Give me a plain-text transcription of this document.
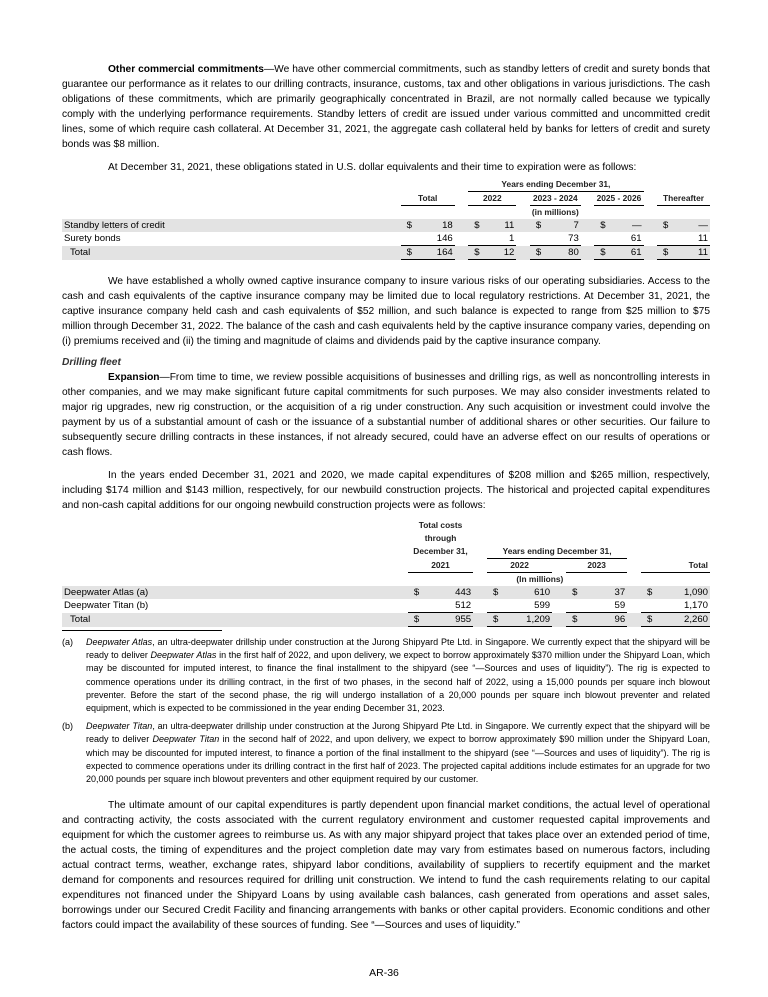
Other commercial commitments—We have other commercial commitments, such as standby letters of credit and surety bonds that guarantee our performance as it relates to our drilling contracts, insurance, customs, tax and other obligations in various jurisdictions. The cash obligations of these commitments, which are primarily geographically concentrated in Brazil, are not normally called because we typically comply with the underlying performance requirements. Standby letters of credit are issued under various committed and uncommitted credit lines, some of which require cash collateral. At December 31, 2021, the aggregate cash collateral held by banks for letters of credit and surety bonds was $8 million.

At December 31, 2021, these obligations stated in U.S. dollar equivalents and their time to expiration were as follows:

				Years ending December 31,										
	Total			2022			2023 - 2024			2025 - 2026			Thereafter	
							(in millions)							
Standby letters of credit	$	18		$	11		$	7		$	—		$	—
Surety bonds		146			1			73			61			11
Total	$	164		$	12		$	80		$	61		$	11

We have established a wholly owned captive insurance company to insure various risks of our operating subsidiaries. Access to the cash and cash equivalents of the captive insurance company may be limited due to local regulatory restrictions. At December 31, 2021, the captive insurance company held cash and cash equivalents of $52 million, and such balance is expected to range from $25 million to $75 million through December 31, 2022. The balance of the cash and cash equivalents held by the captive insurance company varies, depending on (i) premiums received and (ii) the timing and magnitude of claims and dividends paid by the captive insurance company.

Drilling fleet

Expansion—From time to time, we review possible acquisitions of businesses and drilling rigs, as well as noncontrolling interests in other companies, and we may make significant future capital commitments for such purposes. We may also consider investments related to major rig upgrades, new rig construction, or the acquisition of a rig under construction. Any such acquisition or investment could involve the payment by us of a substantial amount of cash or the issuance of a substantial number of additional shares or other securities. Our failure to subsequently secure drilling contracts in these instances, if not already secured, could have an adverse effect on our results of operations or cash flows.

In the years ended December 31, 2021 and 2020, we made capital expenditures of $208 million and $265 million, respectively, including $174 million and $143 million, respectively, for our newbuild construction projects. The historical and projected capital expenditures and non-cash capital additions for our ongoing newbuild construction projects were as follows:

	Total costs										
	through										
	December 31,			Years ending December 31,							
	2021			2022			2023			Total	
					(In millions)						
Deepwater Atlas (a)	$	443		$	610		$	37		$	1,090
Deepwater Titan (b)		512			599			59			1,170
Total	$	955		$	1,209		$	96		$	2,260
(a)	Deepwater Atlas, an ultra-deepwater drillship under construction at the Jurong Shipyard Pte Ltd. in Singapore. We currently expect that the shipyard will be ready to deliver Deepwater Atlas in the first half of 2022, and upon delivery, we expect to borrow approximately $370 million under the Shipyard Loan, which may be discounted for imputed interest, to finance the final installment to the shipyard (see “—Sources and uses of liquidity”). The rig is expected to commence operations under its drilling contract, in the first of two phases, in the second half of 2022, using a 15,000 pounds per square inch blowout preventer. Before the start of the second phase, the rig will undergo installation of a 20,000 pounds per square inch blowout preventer and related equipment, which is expected to be commissioned in the year ending December 31, 2023.
(b)	Deepwater Titan, an ultra-deepwater drillship under construction at the Jurong Shipyard Pte Ltd. in Singapore. We currently expect that the shipyard will be ready to deliver Deepwater Titan in the second half of 2022, and upon delivery, we expect to borrow approximately $90 million under the Shipyard Loan, which may be discounted for imputed interest, to finance a portion of the final installment to the shipyard (see “—Sources and uses of liquidity”). The rig is expected to commence operations under its drilling contract in the first half of 2023. The projected capital additions include estimates for an upgrade for two 20,000 pounds per square inch blowout preventers and other equipment required by our customer.

The ultimate amount of our capital expenditures is partly dependent upon financial market conditions, the actual level of operational and contracting activity, the costs associated with the current regulatory environment and customer requested capital improvements and equipment for which the customer agrees to reimburse us. As with any major shipyard project that takes place over an extended period of time, the actual costs, the timing of expenditures and the project completion date may vary from estimates based on numerous factors, including actual contract terms, weather, exchange rates, shipyard labor conditions, availability of suppliers to recertify equipment and the market demand for components and resources required for drilling unit construction. We intend to fund the cash requirements relating to our capital expenditures not financed under the Shipyard Loans by using available cash balances, cash generated from operations and asset sales, borrowings under our Secured Credit Facility and financing arrangements with banks or other capital providers. Economic conditions and other factors could impact the availability of these sources of funding. See “—Sources and uses of liquidity.”

AR-36
